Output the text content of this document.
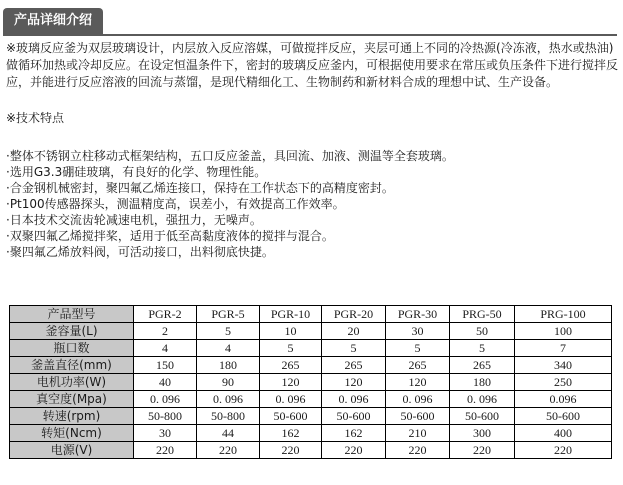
产品详细介绍

※玻璃反应釜为双层玻璃设计，内层放入反应溶媒，可做搅拌反应，夹层可通上不同的冷热源(冷冻液，热水或热油)做循环加热或冷却反应。在设定恒温条件下，密封的玻璃反应釜内，可根据使用要求在常压或负压条件下进行搅拌反应，并能进行反应溶液的回流与蒸馏，是现代精细化工、生物制药和新材料合成的理想中试、生产设备。

※技术特点
·整体不锈钢立柱移动式框架结构，五口反应釜盖，具回流、加液、测温等全套玻璃。
·选用G3.3硼硅玻璃，有良好的化学、物理性能。
·合金钢机械密封，聚四氟乙烯连接口，保持在工作状态下的高精度密封。
·Pt100传感器探头，测温精度高，误差小，有效提高工作效率。
·日本技术交流齿轮减速电机，强扭力，无噪声。
·双聚四氟乙烯搅拌桨，适用于低至高黏度液体的搅拌与混合。
·聚四氟乙烯放料阀，可活动接口，出料彻底快捷。
产品型号	PGR-2	PGR-5	PGR-10	PGR-20	PGR-30	PRG-50	PRG-100
釜容量(L)	2	5	10	20	30	50	100
瓶口数	4	4	5	5	5	5	7
釜盖直径(mm)	150	180	265	265	265	265	340
电机功率(W)	40	90	120	120	120	180	250
真空度(Mpa)	0. 096	0. 096	0. 096	0. 096	0. 096	0. 096	0.096
转速(rpm)	50-800	50-800	50-600	50-600	50-600	50-600	50-600
转矩(Ncm)	30	44	162	162	210	300	400
电源(V)	220	220	220	220	220	220	220
